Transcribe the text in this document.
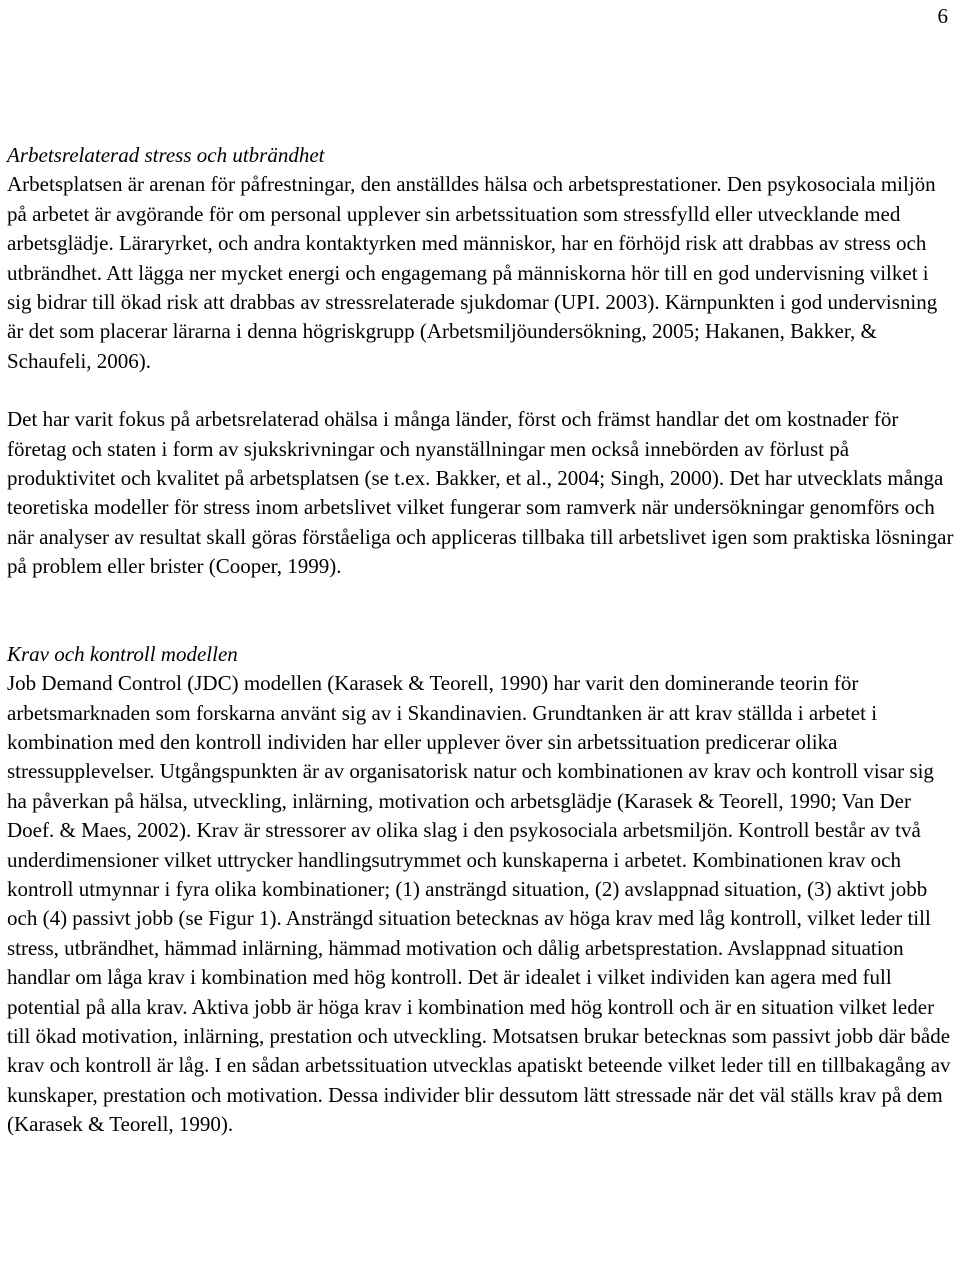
6
Arbetsrelaterad stress och utbrändhet

Arbetsplatsen är arenan för påfrestningar, den anställdes hälsa och arbetsprestationer. Den psykosociala miljön på arbetet är avgörande för om personal upplever sin arbetssituation som stressfylld eller utvecklande med arbetsglädje. Läraryrket, och andra kontaktyrken med människor, har en förhöjd risk att drabbas av stress och utbrändhet. Att lägga ner mycket energi och engagemang på människorna hör till en god undervisning vilket i sig bidrar till ökad risk att drabbas av stressrelaterade sjukdomar (UPI. 2003). Kärnpunkten i god undervisning är det som placerar lärarna i denna högriskgrupp (Arbetsmiljöundersökning, 2005; Hakanen, Bakker, & Schaufeli, 2006).

Det har varit fokus på arbetsrelaterad ohälsa i många länder, först och främst handlar det om kostnader för företag och staten i form av sjukskrivningar och nyanställningar men också innebörden av förlust på produktivitet och kvalitet på arbetsplatsen (se t.ex. Bakker, et al., 2004; Singh, 2000). Det har utvecklats många teoretiska modeller för stress inom arbetslivet vilket fungerar som ramverk när undersökningar genomförs och när analyser av resultat skall göras förståeliga och appliceras tillbaka till arbetslivet igen som praktiska lösningar på problem eller brister (Cooper, 1999).

Krav och kontroll modellen

Job Demand Control (JDC) modellen (Karasek & Teorell, 1990) har varit den dominerande teorin för arbetsmarknaden som forskarna använt sig av i Skandinavien. Grundtanken är att krav ställda i arbetet i kombination med den kontroll individen har eller upplever över sin arbetssituation predicerar olika stressupplevelser. Utgångspunkten är av organisatorisk natur och kombinationen av krav och kontroll visar sig ha påverkan på hälsa, utveckling, inlärning, motivation och arbetsglädje (Karasek & Teorell, 1990; Van Der Doef. & Maes, 2002). Krav är stressorer av olika slag i den psykosociala arbetsmiljön. Kontroll består av två underdimensioner vilket uttrycker handlingsutrymmet och kunskaperna i arbetet. Kombinationen krav och kontroll utmynnar i fyra olika kombinationer; (1) ansträngd situation, (2) avslappnad situation, (3) aktivt jobb och (4) passivt jobb (se Figur 1). Ansträngd situation betecknas av höga krav med låg kontroll, vilket leder till stress, utbrändhet, hämmad inlärning, hämmad motivation och dålig arbetsprestation. Avslappnad situation handlar om låga krav i kombination med hög kontroll. Det är idealet i vilket individen kan agera med full potential på alla krav. Aktiva jobb är höga krav i kombination med hög kontroll och är en situation vilket leder till ökad motivation, inlärning, prestation och utveckling. Motsatsen brukar betecknas som passivt jobb där både krav och kontroll är låg. I en sådan arbetssituation utvecklas apatiskt beteende vilket leder till en tillbakagång av kunskaper, prestation och motivation. Dessa individer blir dessutom lätt stressade när det väl ställs krav på dem (Karasek & Teorell, 1990).
